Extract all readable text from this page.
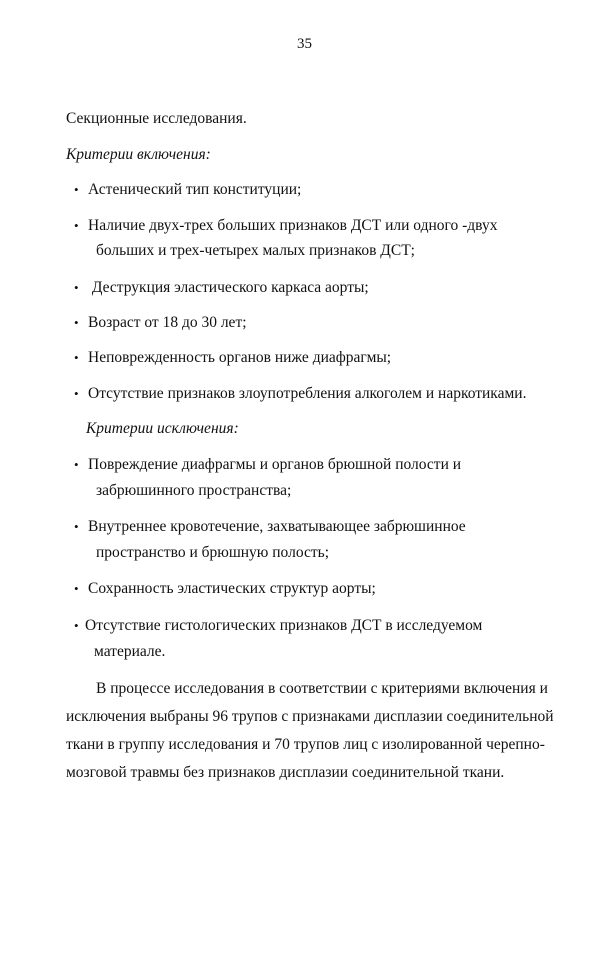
35
Секционные исследования.
Критерии включения:
• Астенический тип конституции;
• Наличие двух-трех больших признаков ДСТ или одного -двух
больших и трех-четырех малых признаков ДСТ;
• Деструкция эластического каркаса аорты;
• Возраст от 18 до 30 лет;
• Неповрежденность органов ниже диафрагмы;
• Отсутствие признаков злоупотребления алкоголем и наркотиками.
Критерии исключения:
• Повреждение диафрагмы и органов брюшной полости и
забрюшинного пространства;
• Внутреннее кровотечение, захватывающее забрюшинное
пространство и брюшную полость;
• Сохранность эластических структур аорты;
• Отсутствие гистологических признаков ДСТ в исследуемом
материале.
В процессе исследования в соответствии с критериями включения и
исключения выбраны 96 трупов с признаками дисплазии соединительной
ткани в группу исследования и 70 трупов лиц с изолированной черепно-
мозговой травмы без признаков дисплазии соединительной ткани.
